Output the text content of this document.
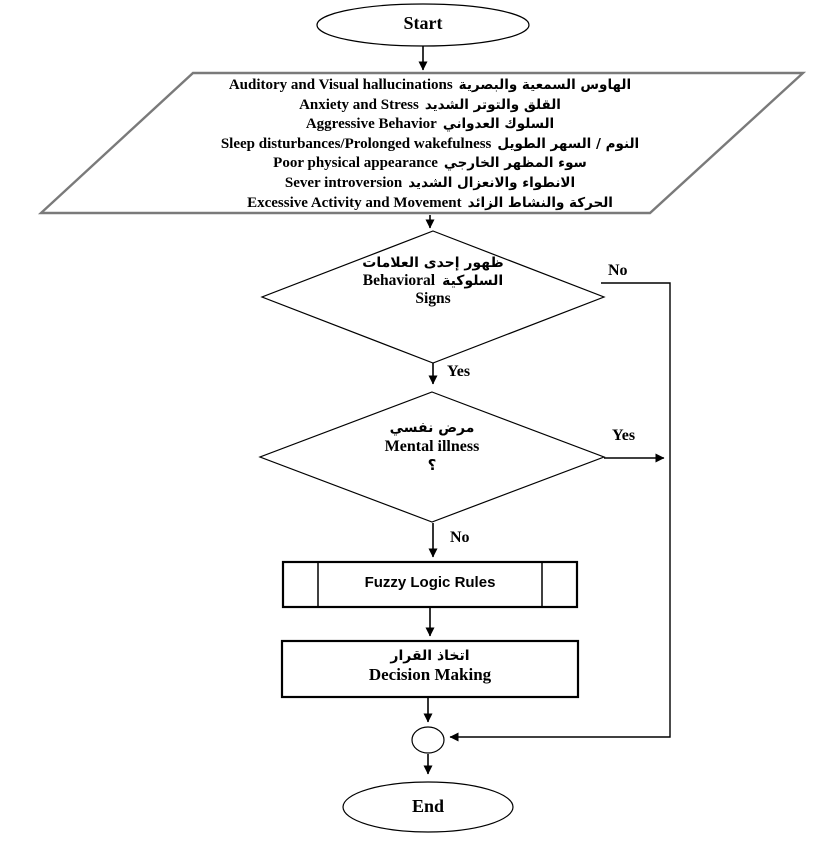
Start
Auditory and Visual hallucinations الهاوس السمعية والبصرية
Anxiety and Stress القلق والتوتر الشديد
Aggressive Behavior السلوك العدواني
Sleep disturbances/Prolonged wakefulness النوم / السهر الطويل
Poor physical appearance سوء المظهر الخارجي
Sever introversion الانطواء والانعزال الشديد
Excessive Activity and Movement الحركة والنشاط الزائد
ظهور إحدى العلامات
Behavioral السلوكية
Signs
No
Yes
Yes
No
مرض نفسي
Mental illness
؟
Fuzzy Logic Rules
اتخاذ القرار
Decision Making
End
